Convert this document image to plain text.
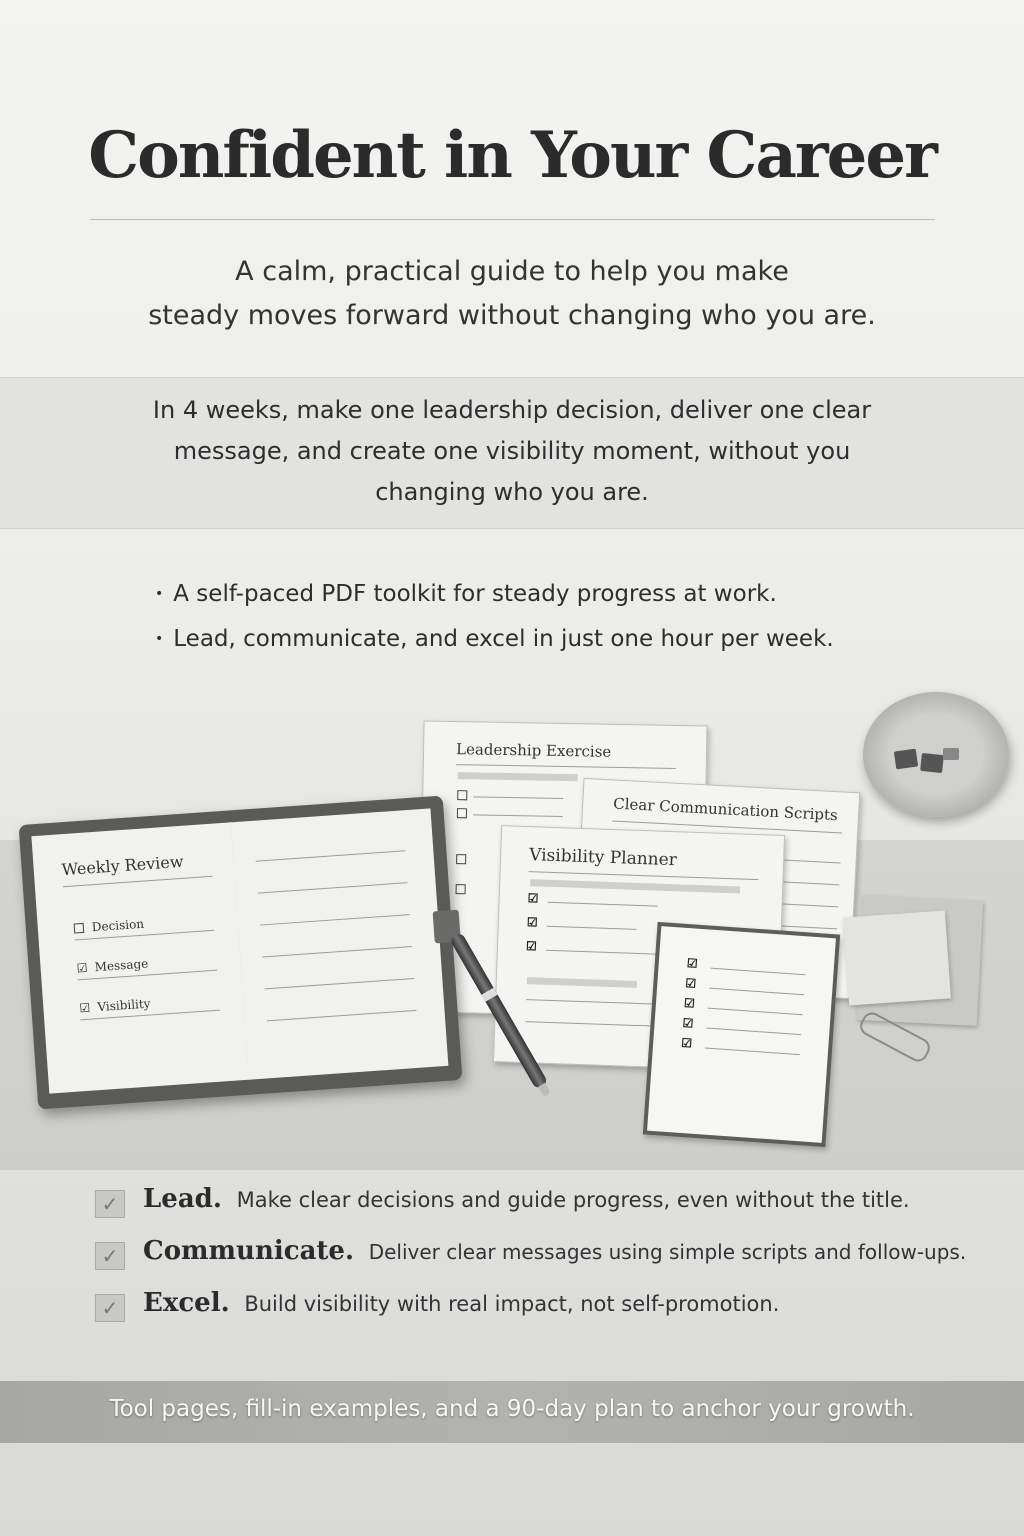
Confident in Your Career
A calm, practical guide to help you make
steady moves forward without changing who you are.
In 4 weeks, make one leadership decision, deliver one clear message, and create one visibility moment, without you changing who you are.
• A self-paced PDF toolkit for steady progress at work.
• Lead, communicate, and excel in just one hour per week.
Leadership Exercise
Clear Communication Scripts
Visibility Planner
☑
☑
☑
☑
☑
☑
☑
☑
Weekly Review
Decision
☑ Message
☑ Visibility
✓ Lead. Make clear decisions and guide progress, even without the title.
✓ Communicate. Deliver clear messages using simple scripts and follow-ups.
✓ Excel. Build visibility with real impact, not self-promotion.
Tool pages, fill-in examples, and a 90-day plan to anchor your growth.
